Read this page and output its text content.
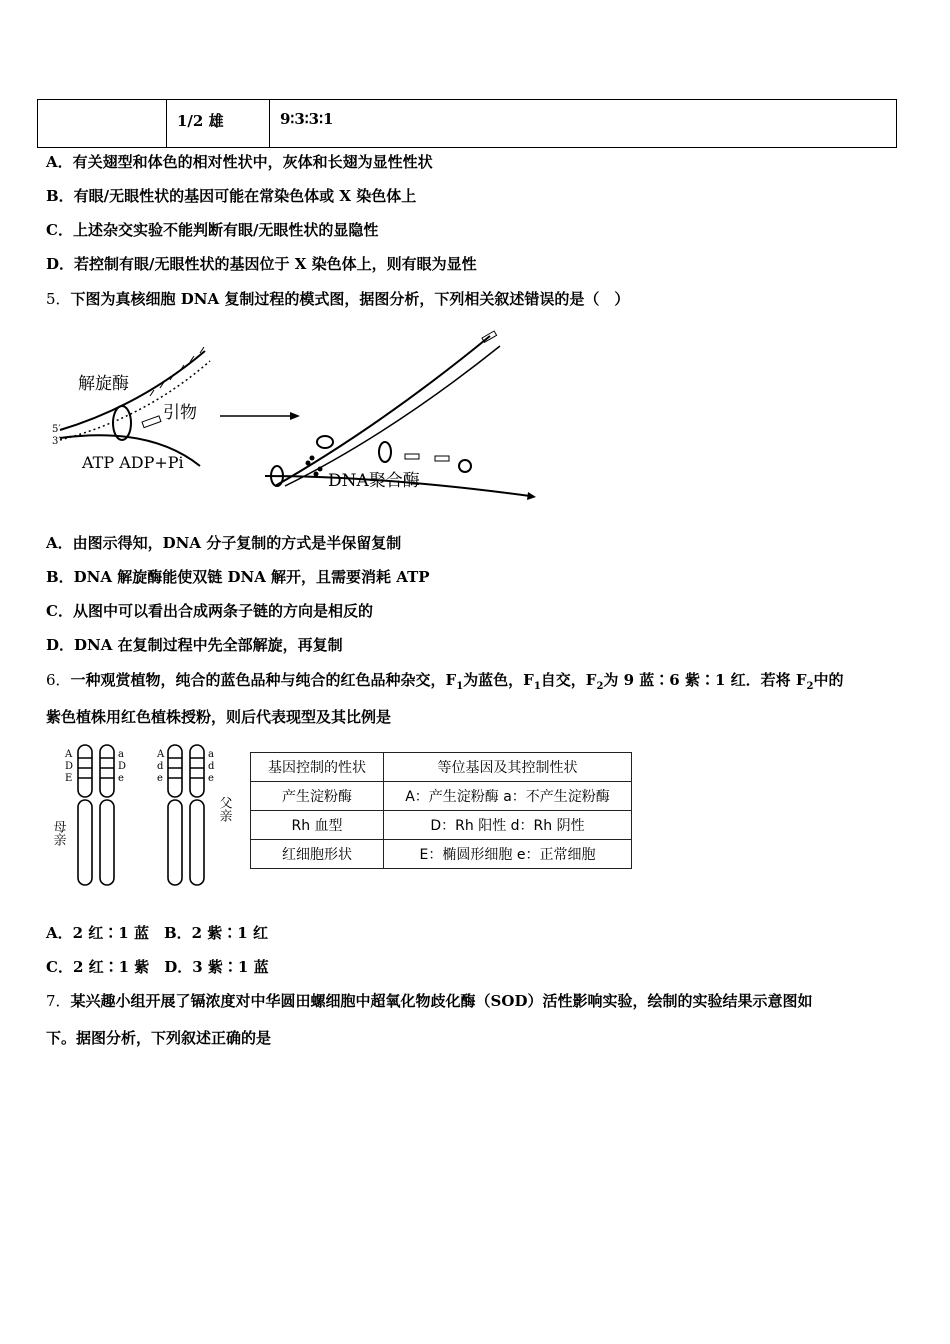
	1/2 雄	9∶3∶3∶1
A．有关翅型和体色的相对性状中，灰体和长翅为显性性状
B．有眼/无眼性状的基因可能在常染色体或 X 染色体上
C．上述杂交实验不能判断有眼/无眼性状的显隐性
D．若控制有眼/无眼性状的基因位于 X 染色体上，则有眼为显性
5．下图为真核细胞 DNA 复制过程的模式图，据图分析，下列相关叙述错误的是（　）
解旋酶
引物
5′
3′
ATP ADP+Pi
DNA聚合酶
A．由图示得知，DNA 分子复制的方式是半保留复制
B．DNA 解旋酶能使双链 DNA 解开，且需要消耗 ATP
C．从图中可以看出合成两条子链的方向是相反的
D．DNA 在复制过程中先全部解旋，再复制
6．一种观赏植物，纯合的蓝色品种与纯合的红色品种杂交，$F_1$为蓝色，$F_1$自交，$F_2$为 9 蓝∶6 紫∶1 红．若将 $F_2$中的
紫色植株用红色植株授粉，则后代表现型及其比例是
A
D
E
a
D
e
A
d
e
a
d
e
母亲
父亲
基因控制的性状	等位基因及其控制性状
产生淀粉酶	A：产生淀粉酶 a：不产生淀粉酶
Rh 血型	D：Rh 阳性 d：Rh 阴性
红细胞形状	E：椭圆形细胞 e：正常细胞
A．2 红∶1 蓝　B．2 紫∶1 红
C．2 红∶1 紫　D．3 紫∶1 蓝
7．某兴趣小组开展了镉浓度对中华圆田螺细胞中超氧化物歧化酶（SOD）活性影响实验，绘制的实验结果示意图如
下。据图分析，下列叙述正确的是
